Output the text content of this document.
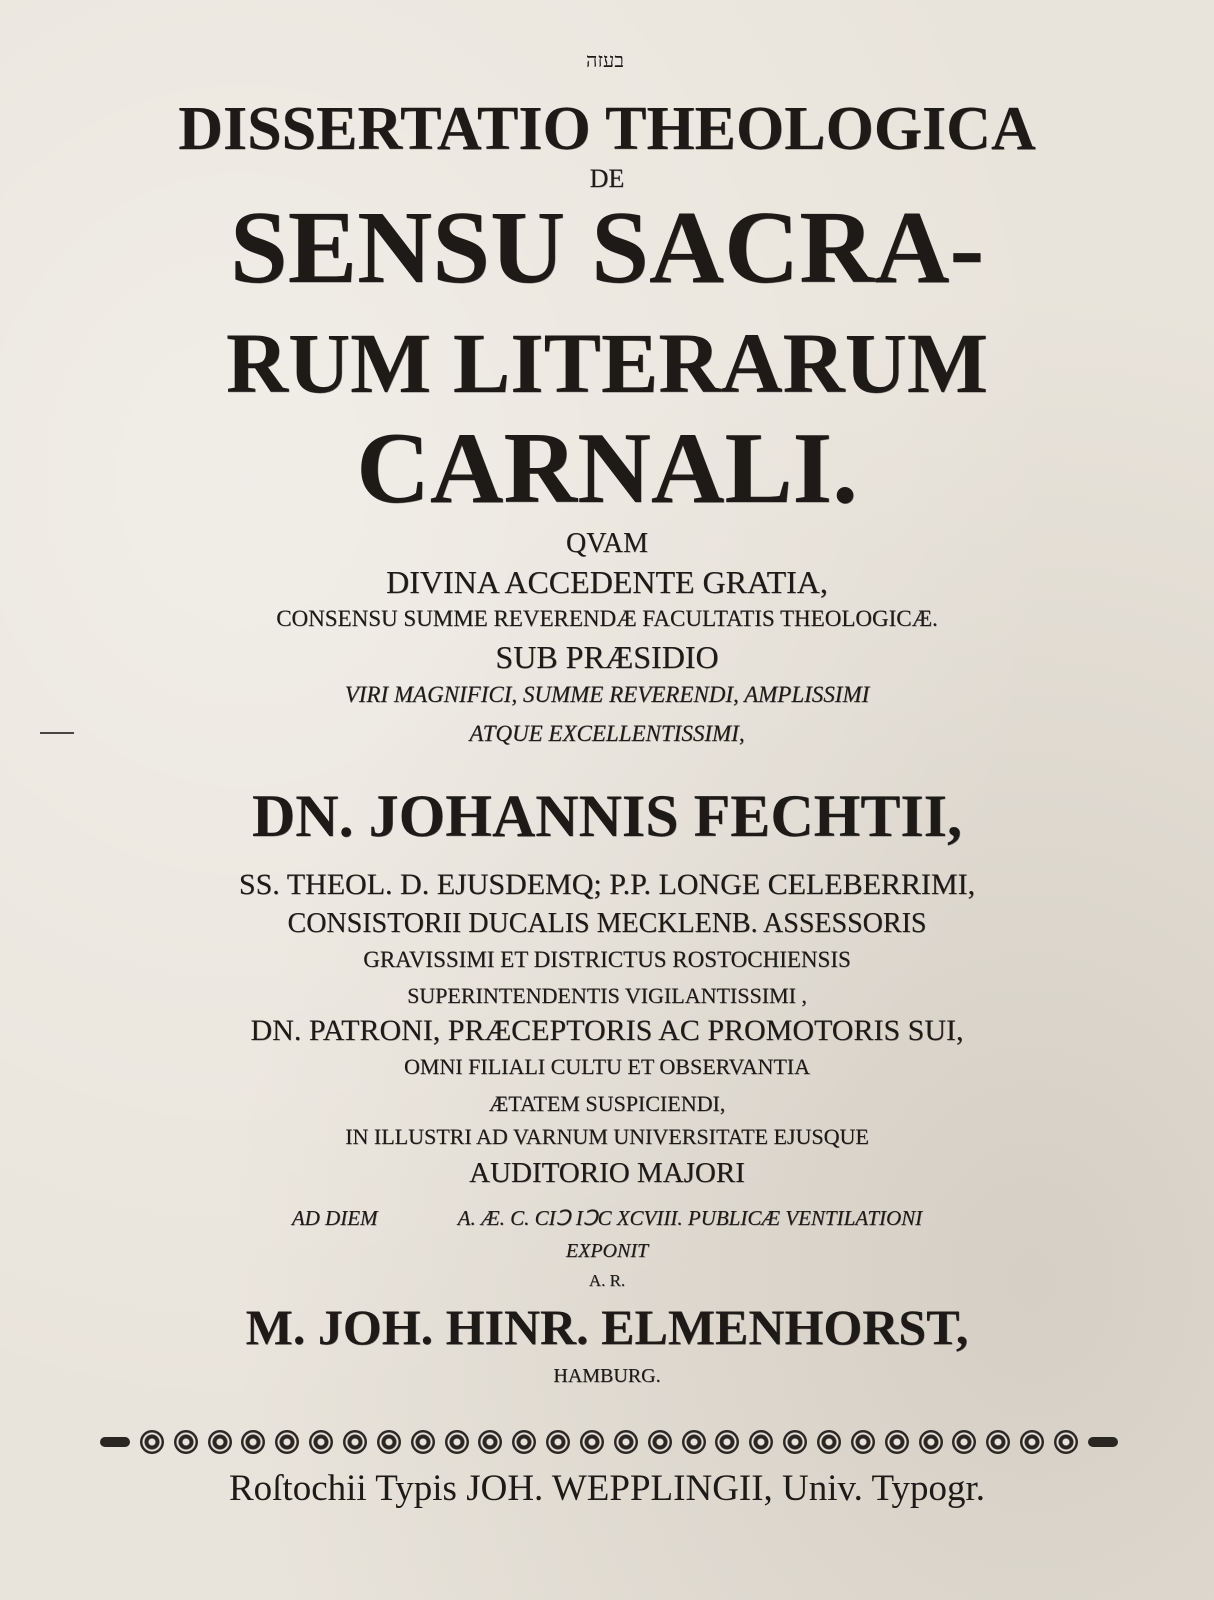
בעזה
DISSERTATIO THEOLOGICA
DE
SENSU SACRA-
RUM LITERARUM
CARNALI.
QVAM
DIVINA ACCEDENTE GRATIA,
CONSENSU SUMME REVERENDÆ FACULTATIS THEOLOGICÆ.
SUB PRÆSIDIO
VIRI MAGNIFICI, SUMME REVERENDI, AMPLISSIMI
ATQUE EXCELLENTISSIMI,
DN. JOHANNIS FECHTII,
SS. THEOL. D. EJUSDEMQ; P.P. LONGE CELEBERRIMI,
CONSISTORII DUCALIS MECKLENB. ASSESSORIS
GRAVISSIMI ET DISTRICTUS ROSTOCHIENSIS
SUPERINTENDENTIS VIGILANTISSIMI ,
DN. PATRONI, PRÆCEPTORIS AC PROMOTORIS SUI,
OMNI FILIALI CULTU ET OBSERVANTIA
ÆTATEM SUSPICIENDI,
IN ILLUSTRI AD VARNUM UNIVERSITATE EJUSQUE
AUDITORIO MAJORI
AD DIEM	A. Æ. C. CIↃ IↃC XCVIII. PUBLICÆ VENTILATIONI
EXPONIT
A. R.
M. JOH. HINR. ELMENHORST,
HAMBURG.
Roſtochii Typis JOH. WEPPLINGII, Univ. Typogr.
